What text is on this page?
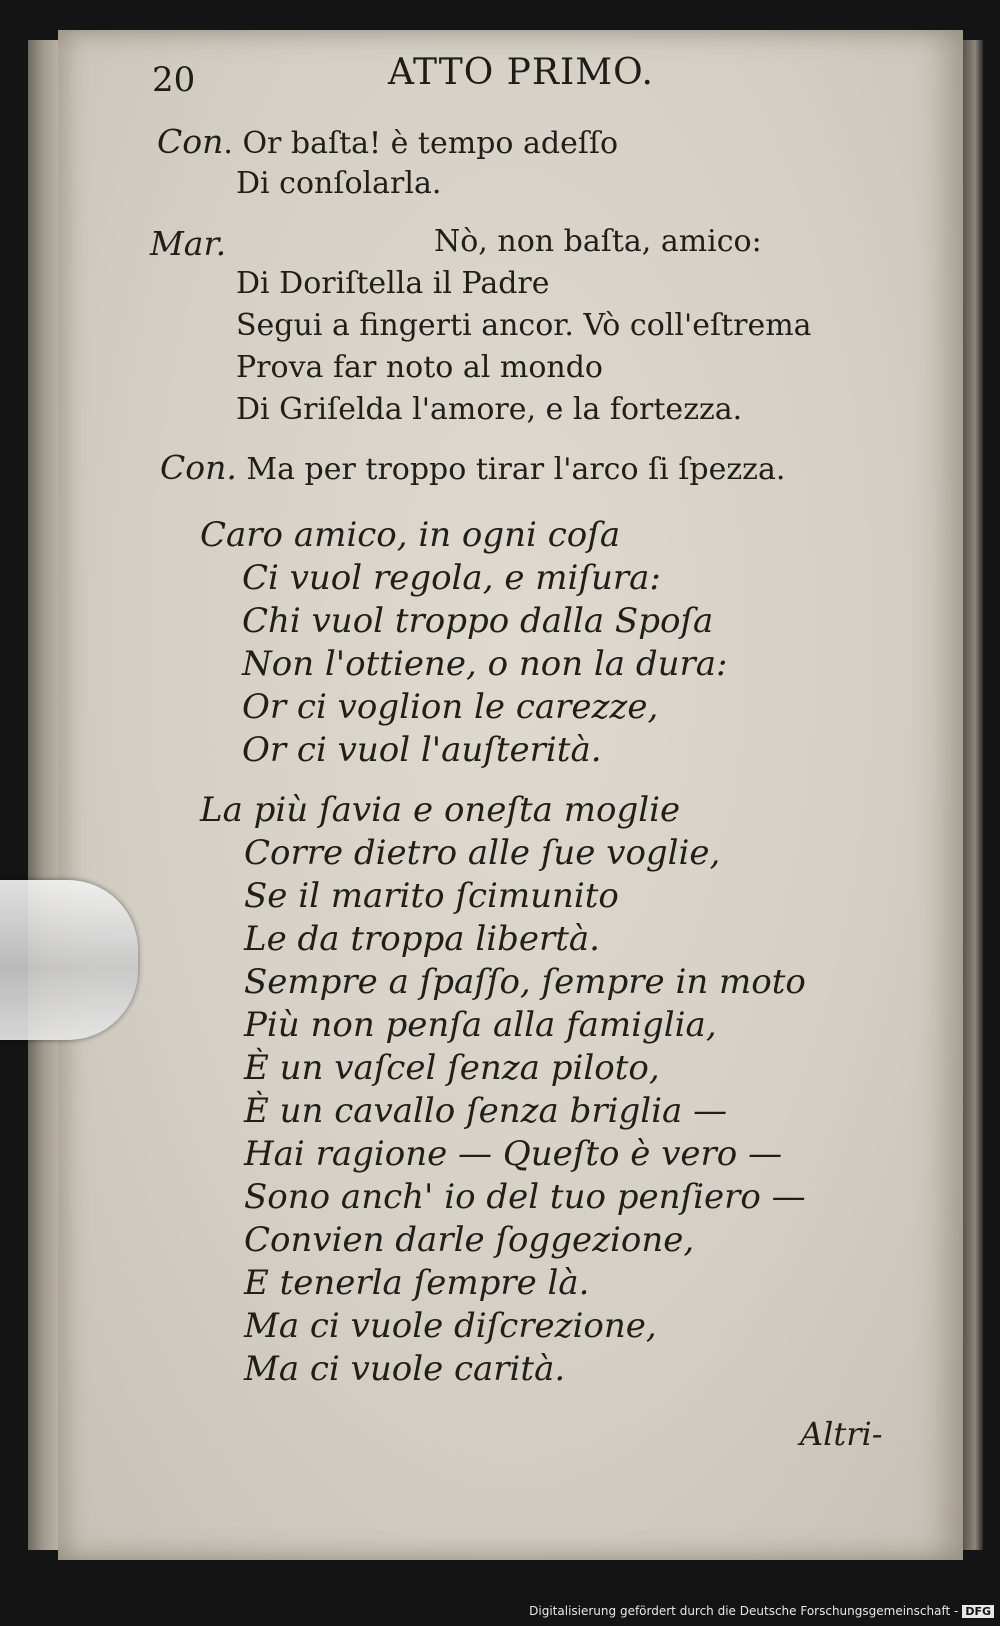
20	ATTO PRIMO.
Con. Or baſta! è tempo adeſſo
Di conſolarla.
Mar.	Nò, non baſta, amico:
Di Doriſtella il Padre
Segui a fingerti ancor. Vò coll'eſtrema
Prova far noto al mondo
Di Griſelda l'amore, e la fortezza.
Con. Ma per troppo tirar l'arco ſi ſpezza.
Caro amico, in ogni coſa
Ci vuol regola, e miſura:
Chi vuol troppo dalla Spoſa
Non l'ottiene, o non la dura:
Or ci voglion le carezze,
Or ci vuol l'auſterità.
La più ſavia e oneſta moglie
Corre dietro alle ſue voglie,
Se il marito ſcimunito
Le da troppa libertà.
Sempre a ſpaſſo, ſempre in moto
Più non penſa alla famiglia,
È un vaſcel ſenza piloto,
È un cavallo ſenza briglia —
Hai ragione — Queſto è vero —
Sono anch' io del tuo penſiero —
Convien darle ſoggezione,
E tenerla ſempre là.
Ma ci vuole diſcrezione,
Ma ci vuole carità.
Altri-
Digitalisierung gefördert durch die Deutsche Forschungsgemeinschaft - DFG
